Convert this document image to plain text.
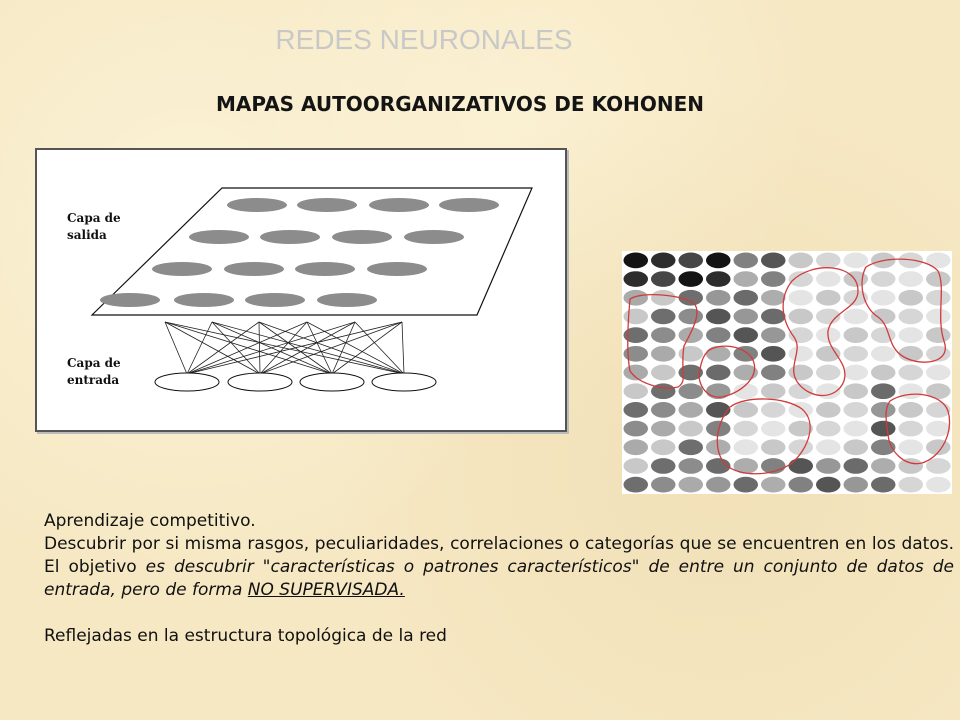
REDES NEURONALES
MAPAS AUTOORGANIZATIVOS DE KOHONEN
Capa de
salida
Capa de
entrada

Aprendizaje competitivo.

Descubrir por si misma rasgos, peculiaridades, correlaciones o categorías que se encuentren en los datos. El objetivo es descubrir "características o patrones característicos" de entre un conjunto de datos de entrada, pero de forma NO SUPERVISADA.

Reflejadas en la estructura topológica de la red
